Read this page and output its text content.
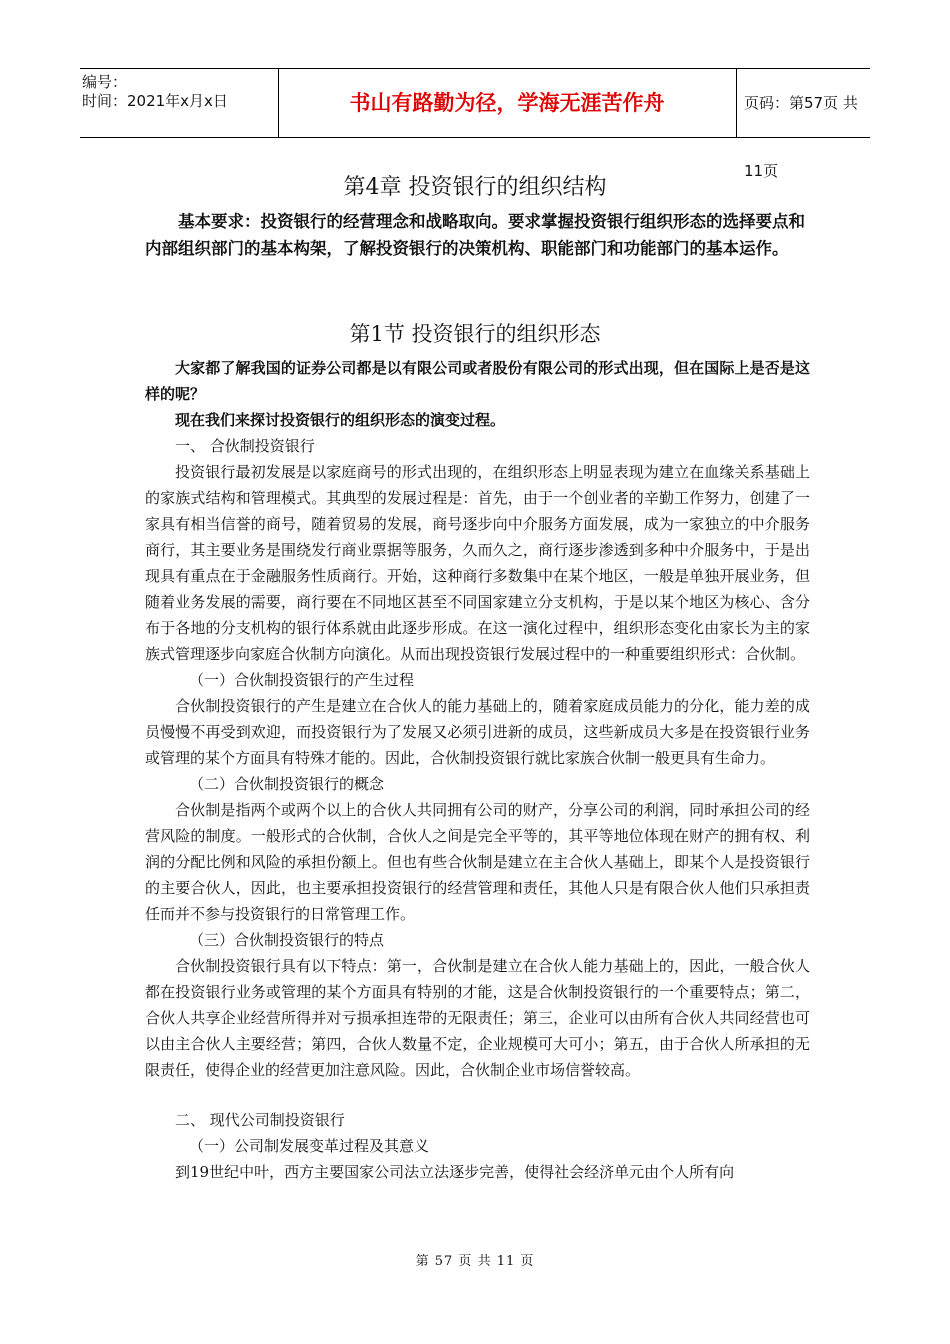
编号：
时间：2021年x月x日	书山有路勤为径，学海无涯苦作舟	页码：第57页 共11页
第4章 投资银行的组织结构
基本要求：投资银行的经营理念和战略取向。要求掌握投资银行组织形态的选择要点和内部组织部门的基本构架，了解投资银行的决策机构、职能部门和功能部门的基本运作。
第1节 投资银行的组织形态

大家都了解我国的证券公司都是以有限公司或者股份有限公司的形式出现，但在国际上是否是这样的呢？

现在我们来探讨投资银行的组织形态的演变过程。

一、 合伙制投资银行

投资银行最初发展是以家庭商号的形式出现的，在组织形态上明显表现为建立在血缘关系基础上的家族式结构和管理模式。其典型的发展过程是：首先，由于一个创业者的辛勤工作努力，创建了一家具有相当信誉的商号，随着贸易的发展，商号逐步向中介服务方面发展，成为一家独立的中介服务商行，其主要业务是围绕发行商业票据等服务，久而久之，商行逐步渗透到多种中介服务中，于是出现具有重点在于金融服务性质商行。开始，这种商行多数集中在某个地区，一般是单独开展业务，但随着业务发展的需要，商行要在不同地区甚至不同国家建立分支机构，于是以某个地区为核心、含分布于各地的分支机构的银行体系就由此逐步形成。在这一演化过程中，组织形态变化由家长为主的家族式管理逐步向家庭合伙制方向演化。从而出现投资银行发展过程中的一种重要组织形式：合伙制。

（一）合伙制投资银行的产生过程

合伙制投资银行的产生是建立在合伙人的能力基础上的，随着家庭成员能力的分化，能力差的成员慢慢不再受到欢迎，而投资银行为了发展又必须引进新的成员，这些新成员大多是在投资银行业务或管理的某个方面具有特殊才能的。因此，合伙制投资银行就比家族合伙制一般更具有生命力。

（二）合伙制投资银行的概念

合伙制是指两个或两个以上的合伙人共同拥有公司的财产，分享公司的利润，同时承担公司的经营风险的制度。一般形式的合伙制，合伙人之间是完全平等的，其平等地位体现在财产的拥有权、利润的分配比例和风险的承担份额上。但也有些合伙制是建立在主合伙人基础上，即某个人是投资银行的主要合伙人，因此，也主要承担投资银行的经营管理和责任，其他人只是有限合伙人他们只承担责任而并不参与投资银行的日常管理工作。

（三）合伙制投资银行的特点

合伙制投资银行具有以下特点：第一，合伙制是建立在合伙人能力基础上的，因此，一般合伙人都在投资银行业务或管理的某个方面具有特别的才能，这是合伙制投资银行的一个重要特点；第二，合伙人共享企业经营所得并对亏损承担连带的无限责任；第三，企业可以由所有合伙人共同经营也可以由主合伙人主要经营；第四，合伙人数量不定，企业规模可大可小；第五，由于合伙人所承担的无限责任，使得企业的经营更加注意风险。因此，合伙制企业市场信誉较高。

二、 现代公司制投资银行

（一）公司制发展变革过程及其意义

到19世纪中叶，西方主要国家公司法立法逐步完善，使得社会经济单元由个人所有向

第 57 页 共 11 页
